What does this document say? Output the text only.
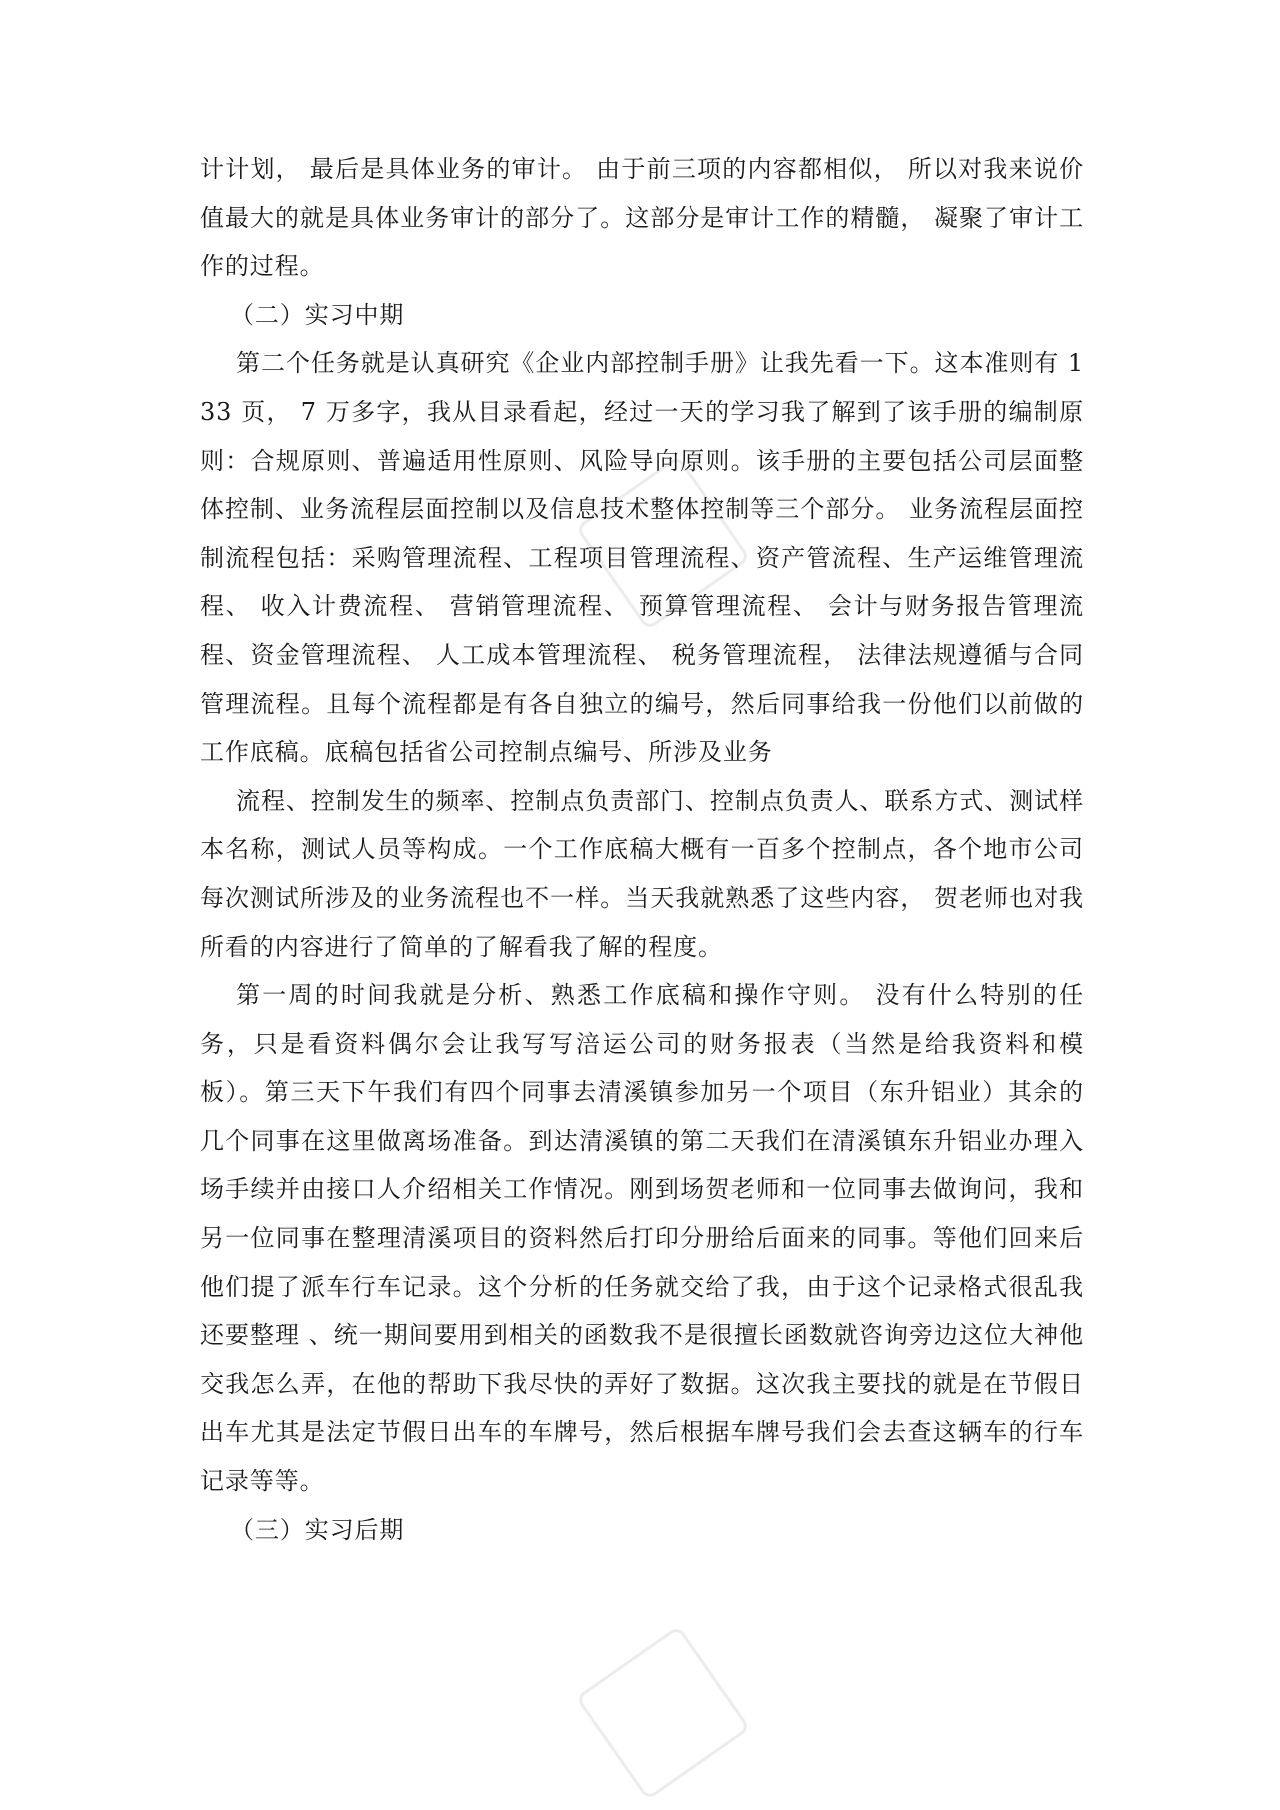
计计划， 最后是具体业务的审计。 由于前三项的内容都相似， 所以对我来说价值最大的就是具体业务审计的部分了。这部分是审计工作的精髓， 凝聚了审计工作的过程。

（二）实习中期

第二个任务就是认真研究《企业内部控制手册》让我先看一下。这本准则有 133 页， 7 万多字，我从目录看起，经过一天的学习我了解到了该手册的编制原则：合规原则、普遍适用性原则、风险导向原则。该手册的主要包括公司层面整体控制、业务流程层面控制以及信息技术整体控制等三个部分。 业务流程层面控制流程包括：采购管理流程、工程项目管理流程、资产管流程、生产运维管理流程、 收入计费流程、 营销管理流程、 预算管理流程、 会计与财务报告管理流程、资金管理流程、 人工成本管理流程、 税务管理流程， 法律法规遵循与合同管理流程。且每个流程都是有各自独立的编号，然后同事给我一份他们以前做的工作底稿。底稿包括省公司控制点编号、所涉及业务

流程、控制发生的频率、控制点负责部门、控制点负责人、联系方式、测试样本名称，测试人员等构成。一个工作底稿大概有一百多个控制点，各个地市公司每次测试所涉及的业务流程也不一样。当天我就熟悉了这些内容， 贺老师也对我所看的内容进行了简单的了解看我了解的程度。

第一周的时间我就是分析、熟悉工作底稿和操作守则。 没有什么特别的任务，只是看资料偶尔会让我写写涪运公司的财务报表（当然是给我资料和模板）。第三天下午我们有四个同事去清溪镇参加另一个项目（东升铝业）其余的几个同事在这里做离场准备。到达清溪镇的第二天我们在清溪镇东升铝业办理入场手续并由接口人介绍相关工作情况。刚到场贺老师和一位同事去做询问，我和另一位同事在整理清溪项目的资料然后打印分册给后面来的同事。等他们回来后他们提了派车行车记录。这个分析的任务就交给了我，由于这个记录格式很乱我还要整理 、统一期间要用到相关的函数我不是很擅长函数就咨询旁边这位大神他交我怎么弄，在他的帮助下我尽快的弄好了数据。这次我主要找的就是在节假日出车尤其是法定节假日出车的车牌号，然后根据车牌号我们会去查这辆车的行车记录等等。

（三）实习后期
